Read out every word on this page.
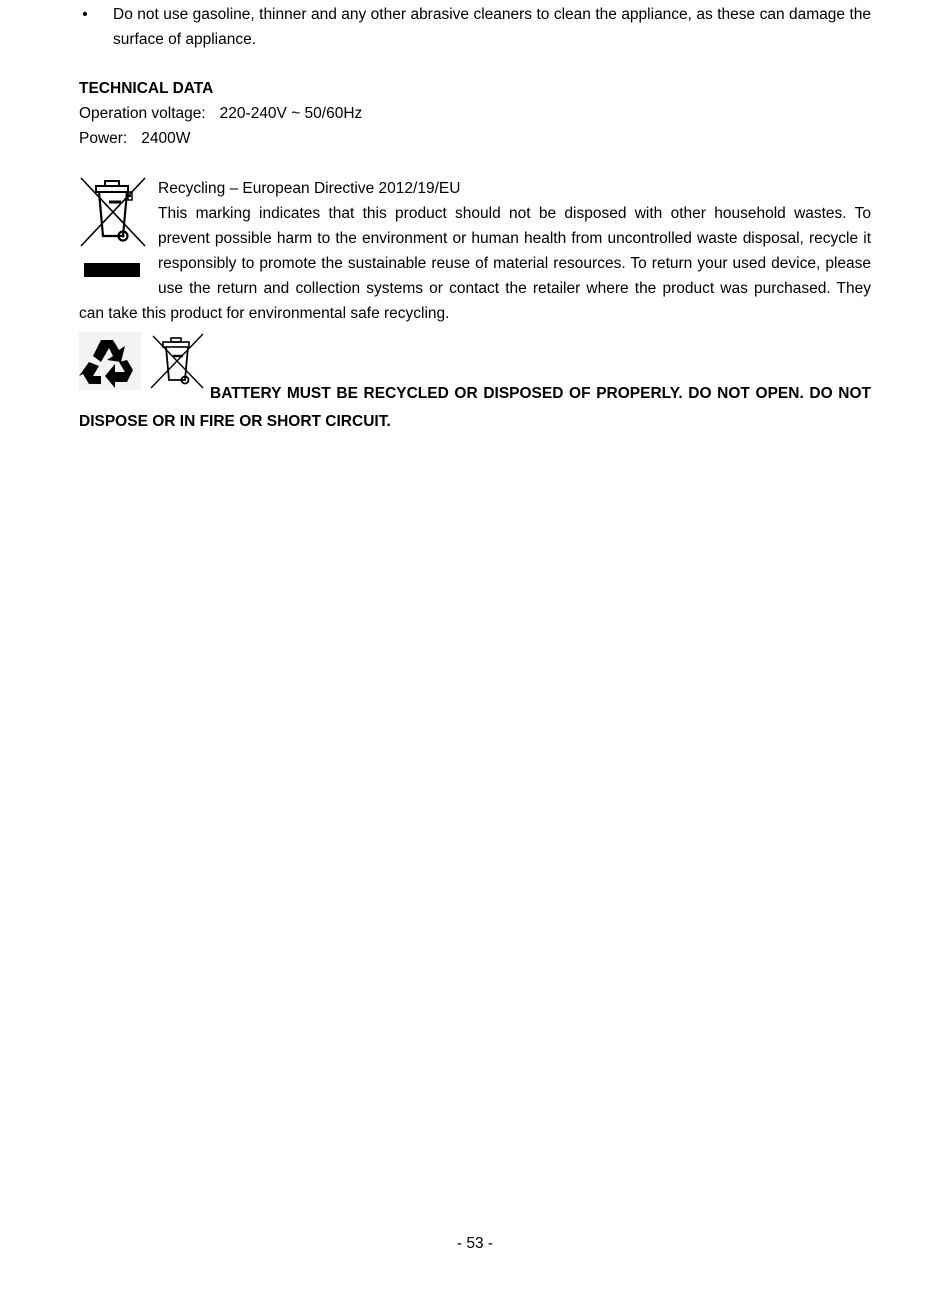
• Do not use gasoline, thinner and any other abrasive cleaners to clean the appliance, as these can damage the surface of appliance.
TECHNICAL DATA
Operation voltage: 220-240V ~ 50/60Hz
Power: 2400W
Recycling – European Directive 2012/19/EU
This marking indicates that this product should not be disposed with other household wastes. To prevent possible harm to the environment or human health from uncontrolled waste disposal, recycle it responsibly to promote the sustainable reuse of material resources. To return your used device, please use the return and collection systems or contact the retailer where the product was purchased. They can take this product for environmental safe recycling.
BATTERY MUST BE RECYCLED OR DISPOSED OF PROPERLY. DO NOT OPEN. DO NOT DISPOSE OR IN FIRE OR SHORT CIRCUIT.
- 53 -
